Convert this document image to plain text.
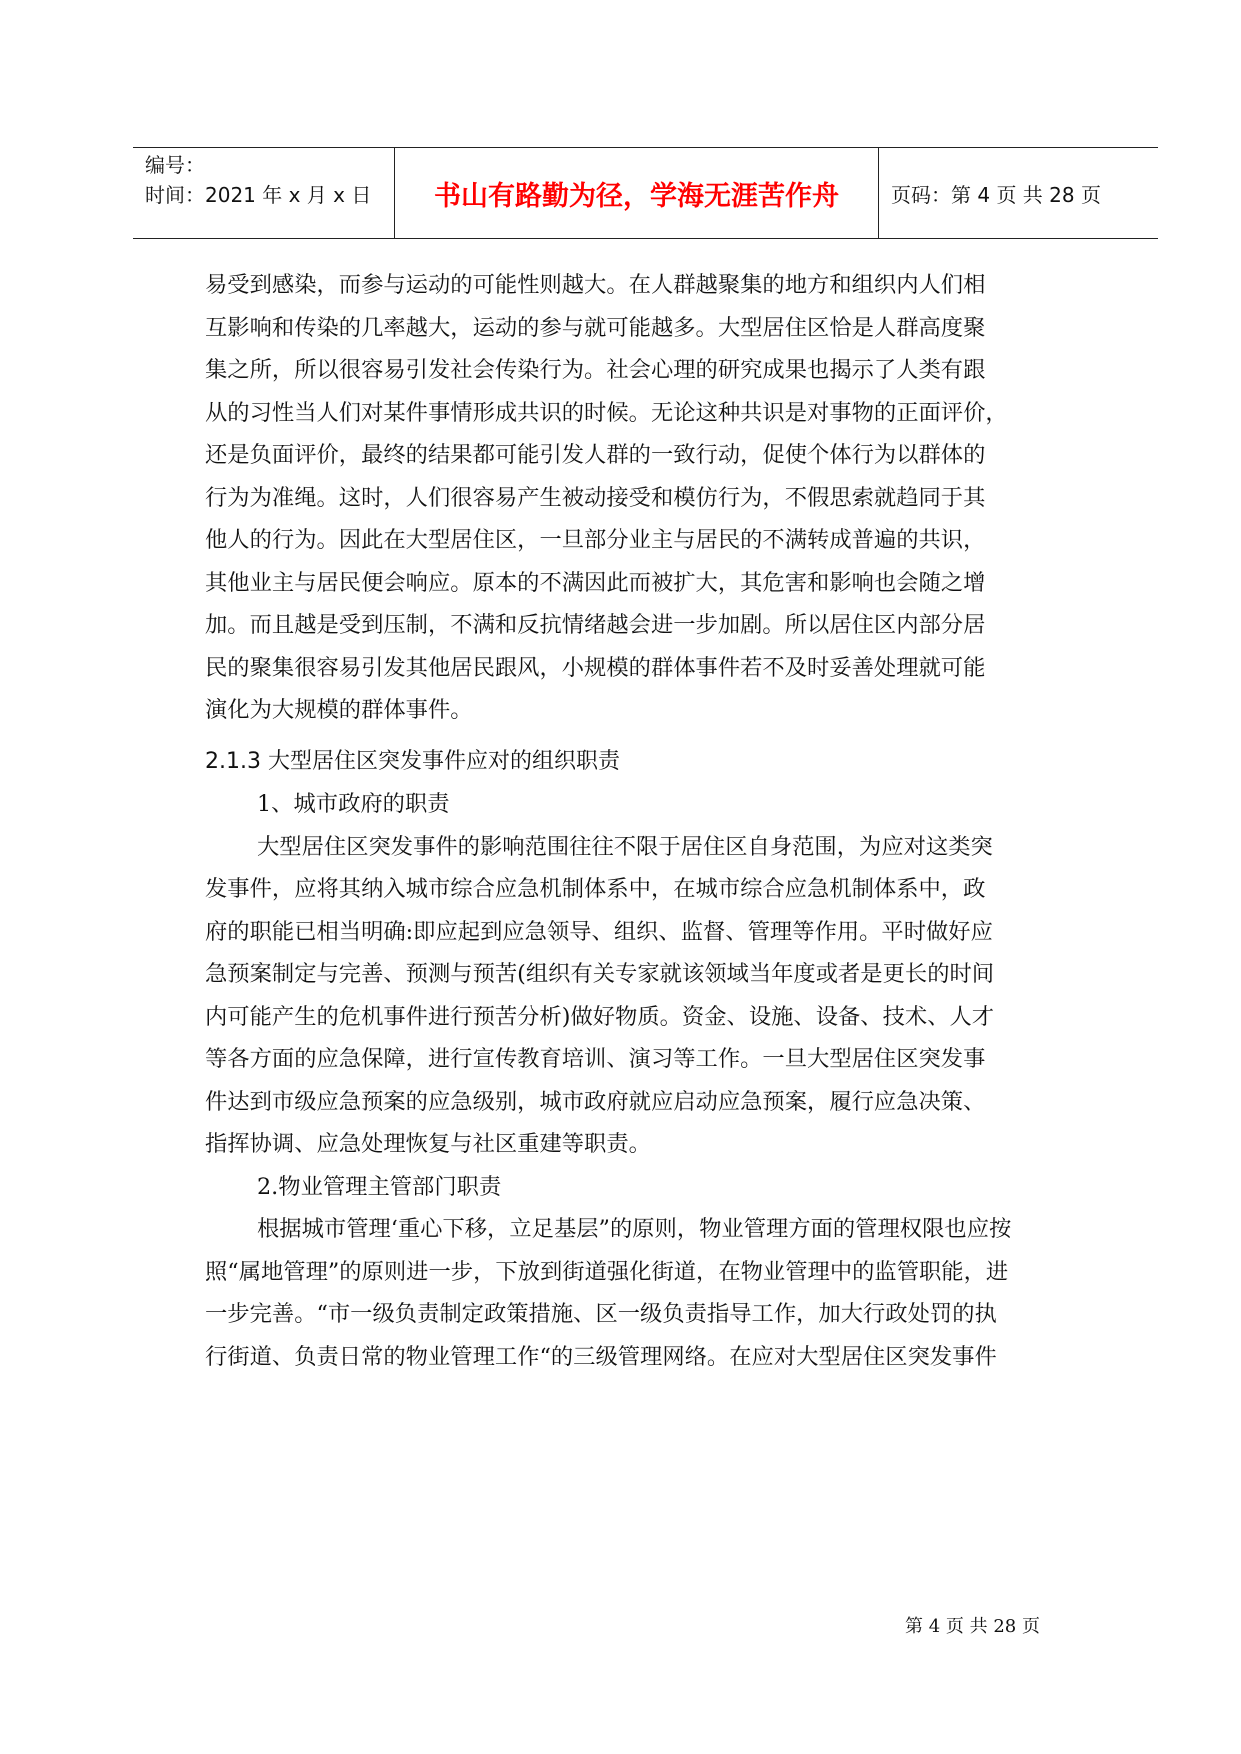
编号：
时间：2021 年 x 月 x 日	书山有路勤为径，学海无涯苦作舟	页码：第 4 页 共 28 页
易受到感染，而参与运动的可能性则越大。在人群越聚集的地方和组织内人们相
互影响和传染的几率越大，运动的参与就可能越多。大型居住区恰是人群高度聚
集之所，所以很容易引发社会传染行为。社会心理的研究成果也揭示了人类有跟
从的习性当人们对某件事情形成共识的时候。无论这种共识是对事物的正面评价，
还是负面评价，最终的结果都可能引发人群的一致行动，促使个体行为以群体的
行为为准绳。这时，人们很容易产生被动接受和模仿行为，不假思索就趋同于其
他人的行为。因此在大型居住区，一旦部分业主与居民的不满转成普遍的共识，
其他业主与居民便会响应。原本的不满因此而被扩大，其危害和影响也会随之增
加。而且越是受到压制，不满和反抗情绪越会进一步加剧。所以居住区内部分居
民的聚集很容易引发其他居民跟风，小规模的群体事件若不及时妥善处理就可能
演化为大规模的群体事件。
2.1.3 大型居住区突发事件应对的组织职责
1、城市政府的职责
大型居住区突发事件的影响范围往往不限于居住区自身范围，为应对这类突
发事件，应将其纳入城市综合应急机制体系中，在城市综合应急机制体系中，政
府的职能已相当明确:即应起到应急领导、组织、监督、管理等作用。平时做好应
急预案制定与完善、预测与预苦(组织有关专家就该领域当年度或者是更长的时间
内可能产生的危机事件进行预苦分析)做好物质。资金、设施、设备、技术、人才
等各方面的应急保障，进行宣传教育培训、演习等工作。一旦大型居住区突发事
件达到市级应急预案的应急级别，城市政府就应启动应急预案，履行应急决策、
指挥协调、应急处理恢复与社区重建等职责。
2.物业管理主管部门职责
根据城市管理‘重心下移，立足基层”的原则，物业管理方面的管理权限也应按
照“属地管理”的原则进一步，下放到街道强化街道，在物业管理中的监管职能，进
一步完善。“市一级负责制定政策措施、区一级负责指导工作，加大行政处罚的执
行街道、负责日常的物业管理工作“的三级管理网络。在应对大型居住区突发事件
第 4 页 共 28 页
